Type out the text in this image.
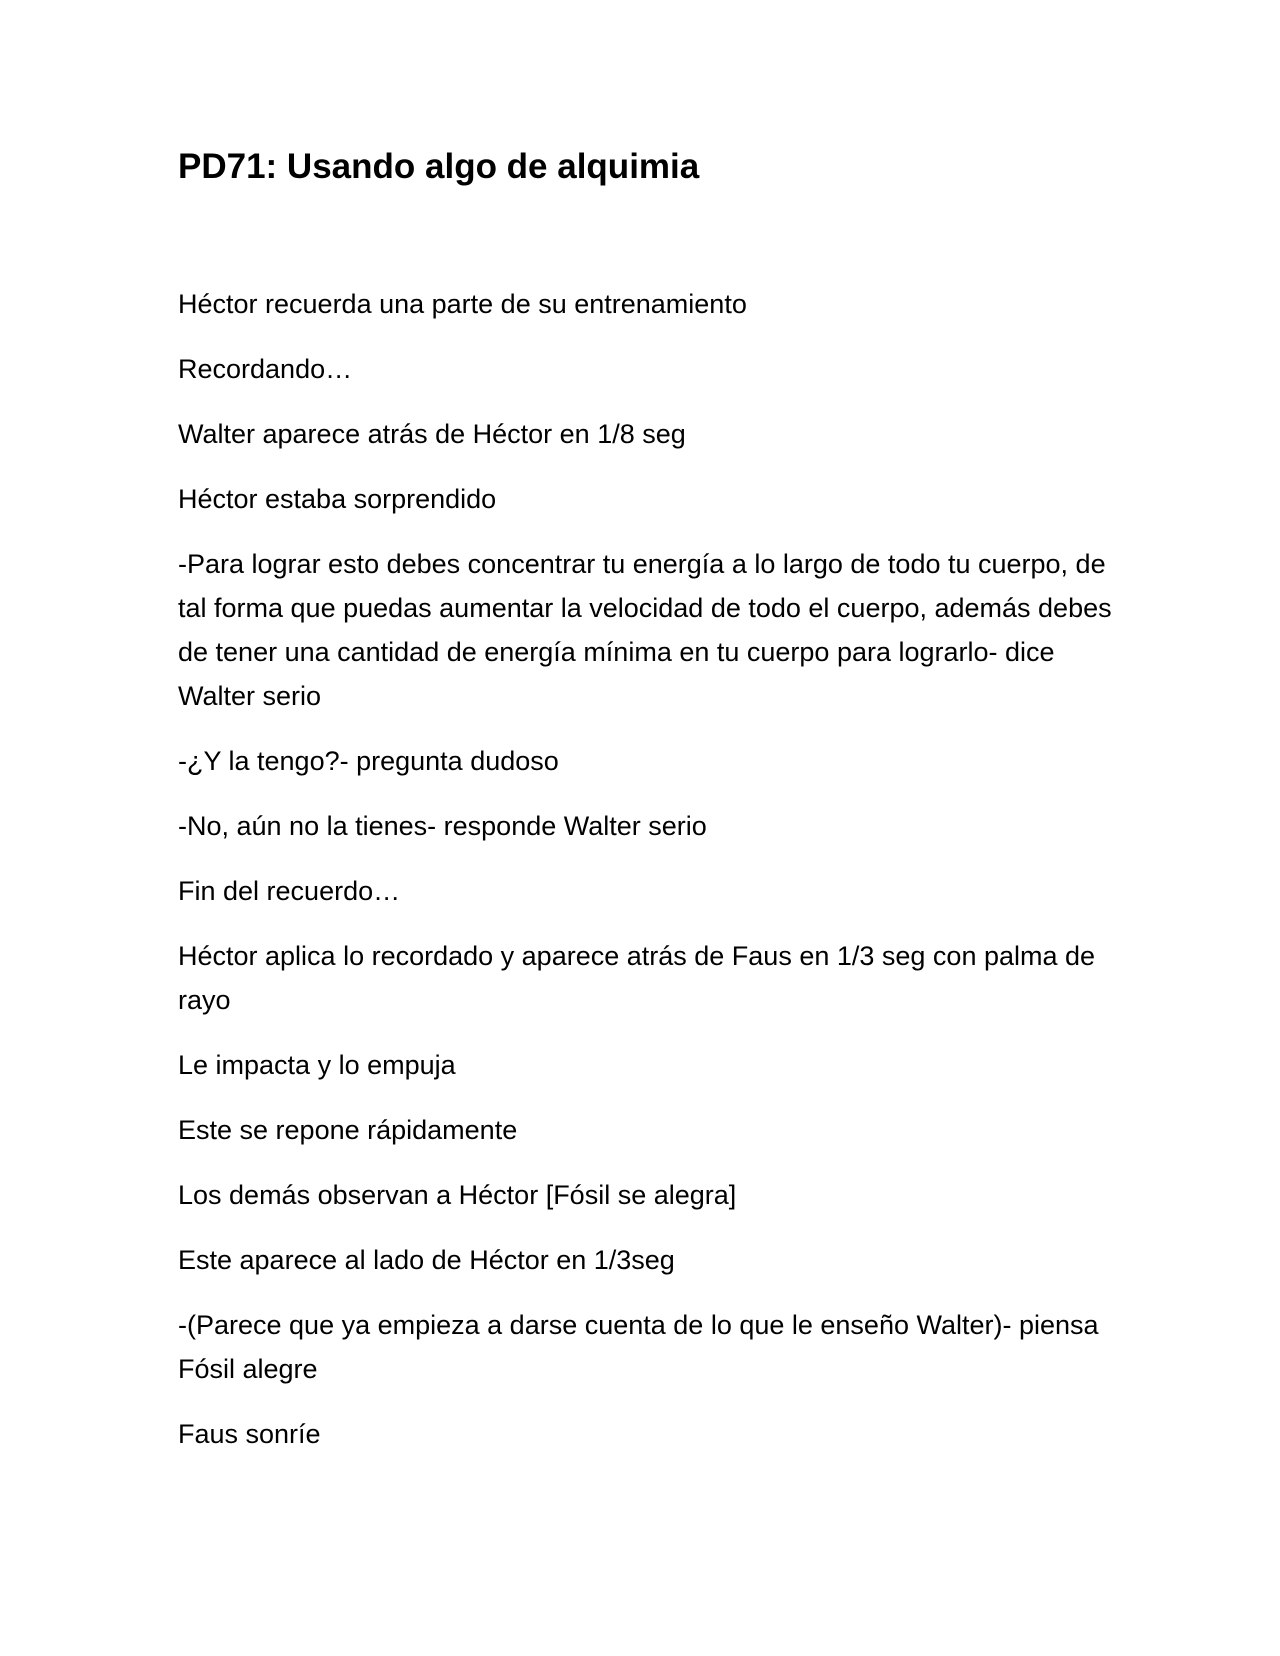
PD71: Usando algo de alquimia

Héctor recuerda una parte de su entrenamiento

Recordando…

Walter aparece atrás de Héctor en 1/8 seg

Héctor estaba sorprendido

-Para lograr esto debes concentrar tu energía a lo largo de todo tu cuerpo, de tal forma que puedas aumentar la velocidad de todo el cuerpo, además debes de tener una cantidad de energía mínima en tu cuerpo para lograrlo- dice Walter serio

-¿Y la tengo?- pregunta dudoso

-No, aún no la tienes- responde Walter serio

Fin del recuerdo…

Héctor aplica lo recordado y aparece atrás de Faus en 1/3 seg con palma de rayo

Le impacta y lo empuja

Este se repone rápidamente

Los demás observan a Héctor [Fósil se alegra]

Este aparece al lado de Héctor en 1/3seg

-(Parece que ya empieza a darse cuenta de lo que le enseño Walter)- piensa Fósil alegre

Faus sonríe
